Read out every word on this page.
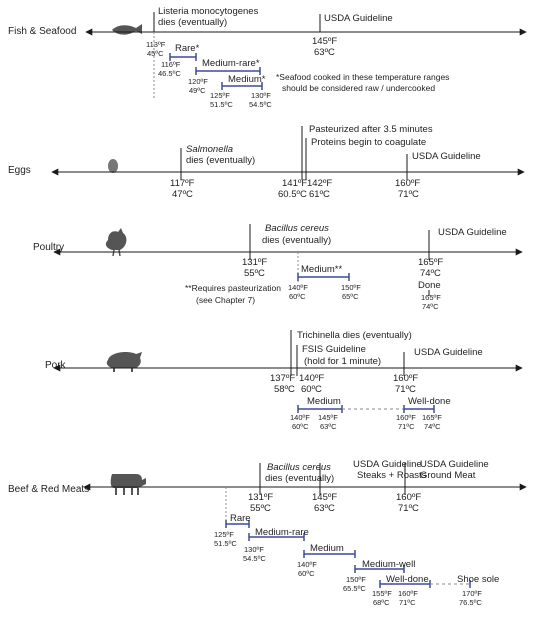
Fish & Seafood
Listeria monocytogenes
dies (eventually)	USDA Guideline
145ºF
63ºC
113ºF
45ºC Rare*
116ºF
46.5ºC
Medium-rare*
120ºF
49ºC
Medium*
125ºF
51.5ºC
130ºF
54.5ºC
*Seafood cooked in these temperature ranges
should be considered raw / undercooked
Eggs
Salmonella
dies (eventually)
117ºF
47ºC
Pasteurized after 3.5 minutes
Proteins begin to coagulate
141ºF
60.5ºC
142ºF
61ºC
USDA Guideline
160ºF
71ºC
Poultry
Bacillus cereus
dies (eventually)
131ºF
55ºC
USDA Guideline
165ºF
74ºC
Done
165ºF
74ºC
Medium**
140ºF
60ºC
150ºF
65ºC
**Requires pasteurization
(see Chapter 7)
Pork
Trichinella dies (eventually)
FSIS Guideline
(hold for 1 minute)
137ºF
58ºC
140ºF
60ºC
USDA Guideline
160ºF
71ºC
Medium
140ºF
60ºC
145ºF
63ºC
Well-done
160ºF
71ºC
165ºF
74ºC
Beef & Red Meats
Bacillus cereus
dies (eventually)
131ºF
55ºC
USDA Guideline
Steaks + Roasts
145ºF
63ºC
USDA Guideline
Ground Meat
160ºF
71ºC
Rare
125ºF
51.5ºC
Medium-rare
130ºF
54.5ºC
Medium
140ºF
60ºC
Medium-well
150ºF
65.5ºC
Well-done
155ºF
68ºC
160ºF
71ºC
Shoe sole
170ºF
76.5ºC
